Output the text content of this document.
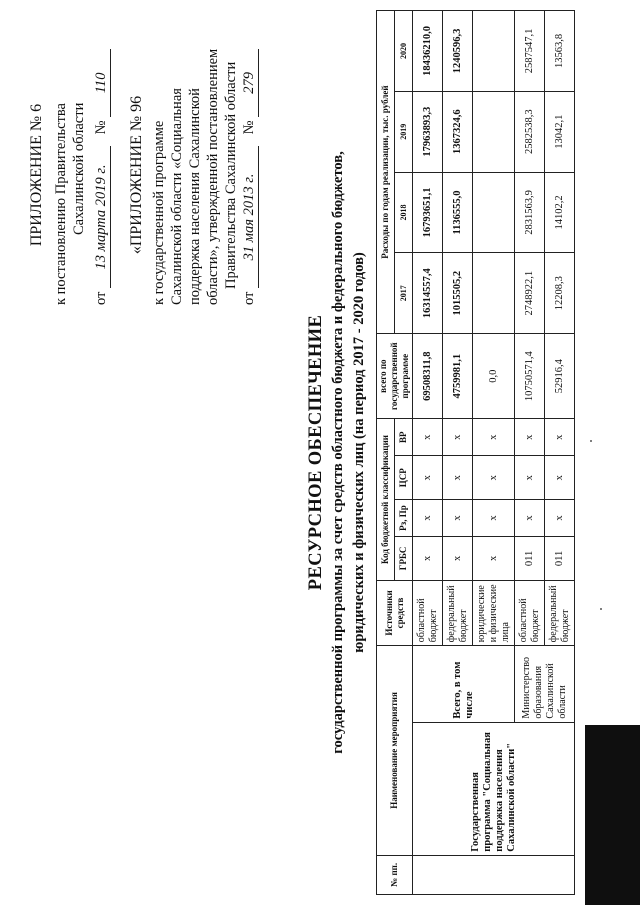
ПРИЛОЖЕНИЕ № 6 к постановлению Правительства Сахалинской области
от 13 марта 2019 г. № 110
«ПРИЛОЖЕНИЕ № 96 к государственной программе Сахалинской области «Социальная поддержка населения Сахалинской области», утвержденной постановлением Правительства Сахалинской области
от 31 мая 2013 г. № 279
РЕСУРСНОЕ ОБЕСПЕЧЕНИЕ государственной программы за счет средств областного бюджета и федерального бюджетов, юридических и физических лиц (на период 2017 - 2020 годов)
№ пп.	Наименование мероприятия		Источники средств	Код бюджетной классификации				всего по государственной программе	Расходы по годам реализации, тыс. рублей			
				ГРБС	Рз, Пр	ЦСР	ВР		2017	2018	2019	2020
	Государственная программа "Социальная поддержка населения Сахалинской области"	Всего, в том числе	областной бюджет	х	х	х	х	69508311,8	16314557,4	16793651,1	17963893,3	18436210,0
			федеральный бюджет	х	х	х	х	4759981,1	1015505,2	1136555,0	1367324,6	1240596,3
			юридические и физические лица	х	х	х	х	0,0				
		Министерство образования Сахалинской области	областной бюджет	011	х	х	х	10750571,4	2748922,1	2831563,9	2582538,3	2587547,1
			федеральный бюджет	011	х	х	х	52916,4	12208,3	14102,2	13042,1	13563,8
